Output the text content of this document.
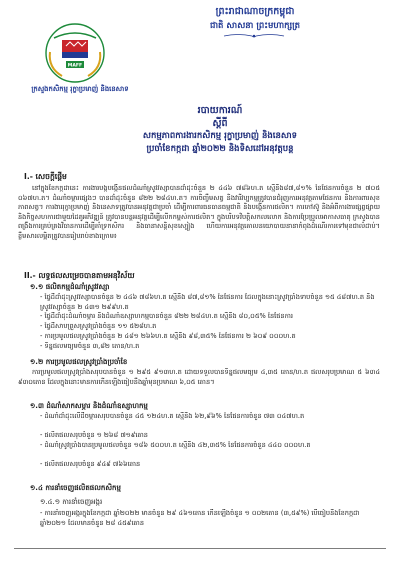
ព្រះរាជាណាចក្រកម្ពុជា
ជាតិ សាសនា ព្រះមហាក្សត្រ
MAFF
ក្រសួងកសិកម្ម រុក្ខាប្រមាញ់ និងនេសាទ
របាយការណ៍
ស្តីពី
សកម្មភាពការងារកសិកម្ម រុក្ខាប្រមាញ់ និងនេសាទ
ប្រចាំខែកក្កដា ឆ្នាំ២០២២ និងទិសដៅអនុវត្តបន្ត
I.- សេចក្តីផ្តើម
នៅក្នុងខែកក្កដានេះ ការងារបង្កបង្កើនផលដំណាំស្រូវវស្សាបានដាំដុះចំនួន ២ ៤៤៦ ៧៨៦ហ.ត ស្មើនឹង៨៧,៨១% នៃផែនការចំនួន ២ ៧០៥ ០៦៧ហ.ត។ ដំណាំចម្ការផ្សេងៗ បានដាំដុះចំនួន ៨២២ ២៨៤ហ.ត។ ការចិញ្ចឹមសត្វ និងវារីវប្បកម្មត្រូវបានជំរុញការអនុវត្តតាមផែនការ និងការពារសុខភាពសត្វ។ ការងាររុក្ខាប្រមាញ់ និងនេសាទត្រូវបានអនុវត្តជាប្រចាំ ដើម្បីការពារធនធានធម្មជាតិ និងបង្កើនការផលិត។ ការកៅស៊ូ និងអំពីការងារផ្សព្វផ្សាយ និងកិច្ចសហការជាមួយដៃគូអភិវឌ្ឍន៍ ត្រូវបានបន្តអនុវត្តដើម្បីលើកកម្ពស់ការផលិត។ ក្នុងបរិបទវិបត្តិសកលលោក និងការប្រែប្រួលអាកាសធាតុ ក្រសួងបានពង្រឹងការគ្រប់គ្រងវិធានការដើម្បីគាំទ្រកសិករ និងធានាសន្តិសុខស្បៀង ហើយការអនុវត្តគោលនយោបាយនានាកំពុងដំណើរការទៅមុខជាលំដាប់។ ខ្លឹមសារលម្អិតត្រូវបានរៀបរាប់ខាងក្រោម៖
II.- លទ្ធផលសម្រេចបានតាមអនុវិស័យ
១.១ ផលិតកម្មដំណាំស្រូវវស្សា
- ផ្ទៃដីដាំដុះស្រូវវស្សាបានចំនួន ២ ៤៤៦ ៧៨៦ហ.ត ស្មើនឹង ៨៧,៨១% នៃផែនការ ដែលក្នុងនោះស្រូវប្រាំងទាបចំនួន ១៥ ៤៨៧ហ.ត និងស្រូវវស្សាចំនួន ២ ៤៣១ ២៩៩ហ.ត
- ផ្ទៃដីដាំដុះដំណាំចម្ការ និងដំណាំឧស្សាហកម្មបានចំនួន ៨២២ ២៨៤ហ.ត ស្មើនឹង ៨០,០៥% នៃផែនការ
- ផ្ទៃដីសាបព្រួសស្រូវប្រាំងចំនួន ១១ ៥២៨ហ.ត
- ការប្រមូលផលស្រូវប្រាំងចំនួន ២ ៤៨១ ២៦៦ហ.ត ស្មើនឹង ៩៨,៣៥% នៃផែនការ ២ ៦០៩ ០០០ហ.ត
- ទិន្នផលមធ្យមចំនួន ៣,៨២ តោន/ហ.ត
១.២ ការប្រមូលផលស្រូវប្រាំងប្រចាំខែ
ការប្រមូលផលស្រូវប្រាំងសរុបបានចំនួន ១ ២៩៥ ៩១៣ហ.ត ដោយទទួលបានទិន្នផលមធ្យម ៤,៣៥ តោន/ហ.ត ផលសរុបប្រមាណ ៥ ៦៣៤ ៩៣០តោន ដែលក្នុងនោះមានការកើនឡើងធៀបនឹងឆ្នាំមុនប្រមាណ ៦,០៥ តោន។
១.៣ ដំណាំសាកសម្ភារ និងដំណាំឧស្សាហកម្ម
- ដំណាំដាំដុះលើដីចម្ការសរុបបានចំនួន ៤៥ ១២៤ហ.ត ស្មើនឹង ៦២,៩៦% នៃផែនការចំនួន ៧៣ ០៤៧ហ.ត
- ផលិតផលសរុបចំនួន ១ ២៦៨ ៧១៩តោន
- ដំណាំស្រូវប្រាំងបានប្រមូលផលចំនួន ១៨៦ ៥០០ហ.ត ស្មើនឹង ៤២,៣៥% នៃផែនការចំនួន ៤៤០ ០០០ហ.ត
- ផលិតផលសរុបចំនួន ៩៤៩ ៧៦៦តោន
១.៤ ការនាំចេញផលិតផលកសិកម្ម
១.៤.១ ការនាំចេញអង្ករ
- ការនាំចេញអង្ករក្នុងខែកក្កដា ឆ្នាំ២០២២ មានចំនួន ២៩ ៤៦១តោន កើនឡើងចំនួន ១ ០០២តោន (៣,៥៩%) បើធៀបនឹងខែកក្កដា ឆ្នាំ២០២១ ដែលមានចំនួន ២៨ ៤៥៩តោន
